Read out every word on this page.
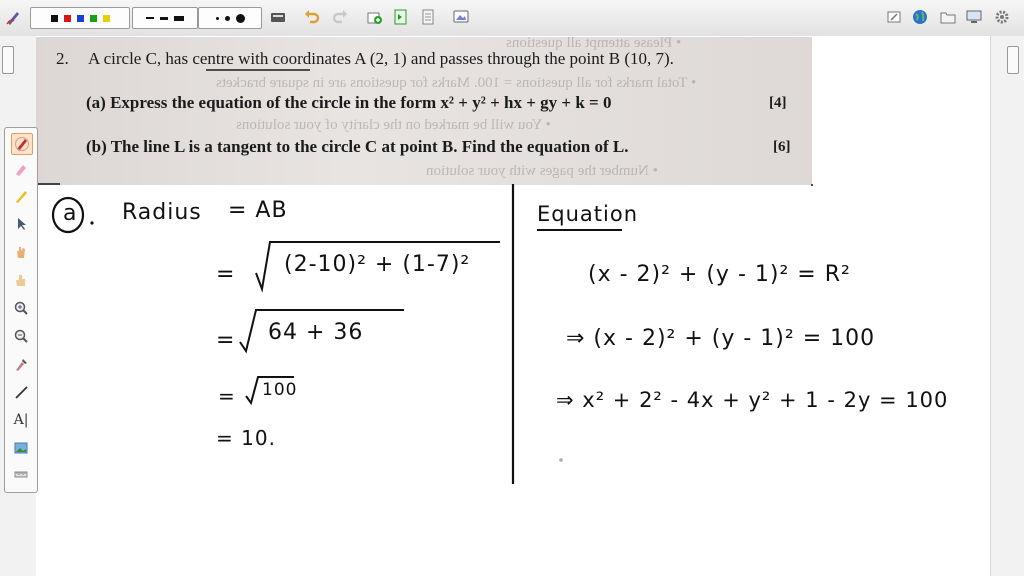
• Please attempt all questions
• Total marks for all questions = 100. Marks for questions are in square brackets
• You will be marked on the clarity of your solutions
• Number the pages with your solution
2. A circle C, has centre with coordinates A (2, 1) and passes through the point B (10, 7).
(a) Express the equation of the circle in the form x² + y² + hx + gy + k = 0	[4]
(b) The line L is a tangent to the circle C at point B. Find the equation of L.	[6]
a Radius = AB
= (2-10)² + (1-7)²
= 64 + 36
= 100
= 10.
Equation
(x - 2)² + (y - 1)² = R²
⇒ (x - 2)² + (y - 1)² = 100
⇒ x² + 2² - 4x + y² + 1 - 2y = 100
A|
